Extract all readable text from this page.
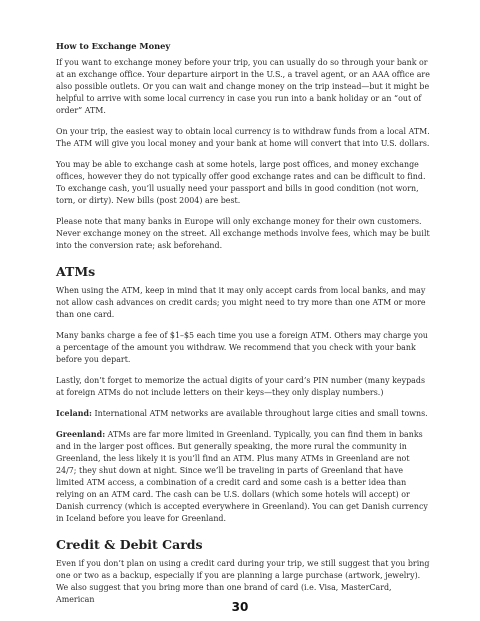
How to Exchange Money

If you want to exchange money before your trip, you can usually do so through your bank or at an exchange office. Your departure airport in the U.S., a travel agent, or an AAA office are also possible outlets. Or you can wait and change money on the trip instead—but it might be helpful to arrive with some local currency in case you run into a bank holiday or an “out of order” ATM.

On your trip, the easiest way to obtain local currency is to withdraw funds from a local ATM. The ATM will give you local money and your bank at home will convert that into U.S. dollars.

You may be able to exchange cash at some hotels, large post offices, and money exchange offices, however they do not typically offer good exchange rates and can be difficult to find. To exchange cash, you’ll usually need your passport and bills in good condition (not worn, torn, or dirty). New bills (post 2004) are best.

Please note that many banks in Europe will only exchange money for their own customers. Never exchange money on the street. All exchange methods involve fees, which may be built into the conversion rate; ask beforehand.

ATMs

When using the ATM, keep in mind that it may only accept cards from local banks, and may not allow cash advances on credit cards; you might need to try more than one ATM or more than one card.

Many banks charge a fee of $1–$5 each time you use a foreign ATM. Others may charge you a percentage of the amount you withdraw. We recommend that you check with your bank before you depart.

Lastly, don’t forget to memorize the actual digits of your card’s PIN number (many keypads at foreign ATMs do not include letters on their keys—they only display numbers.)

Iceland: International ATM networks are available throughout large cities and small towns.

Greenland: ATMs are far more limited in Greenland. Typically, you can find them in banks and in the larger post offices. But generally speaking, the more rural the community in Greenland, the less likely it is you’ll find an ATM. Plus many ATMs in Greenland are not 24/7; they shut down at night. Since we’ll be traveling in parts of Greenland that have limited ATM access, a combination of a credit card and some cash is a better idea than relying on an ATM card. The cash can be U.S. dollars (which some hotels will accept) or Danish currency (which is accepted everywhere in Greenland). You can get Danish currency in Iceland before you leave for Greenland.

Credit & Debit Cards

Even if you don’t plan on using a credit card during your trip, we still suggest that you bring one or two as a backup, especially if you are planning a large purchase (artwork, jewelry). We also suggest that you bring more than one brand of card (i.e. Visa, MasterCard, American

30
